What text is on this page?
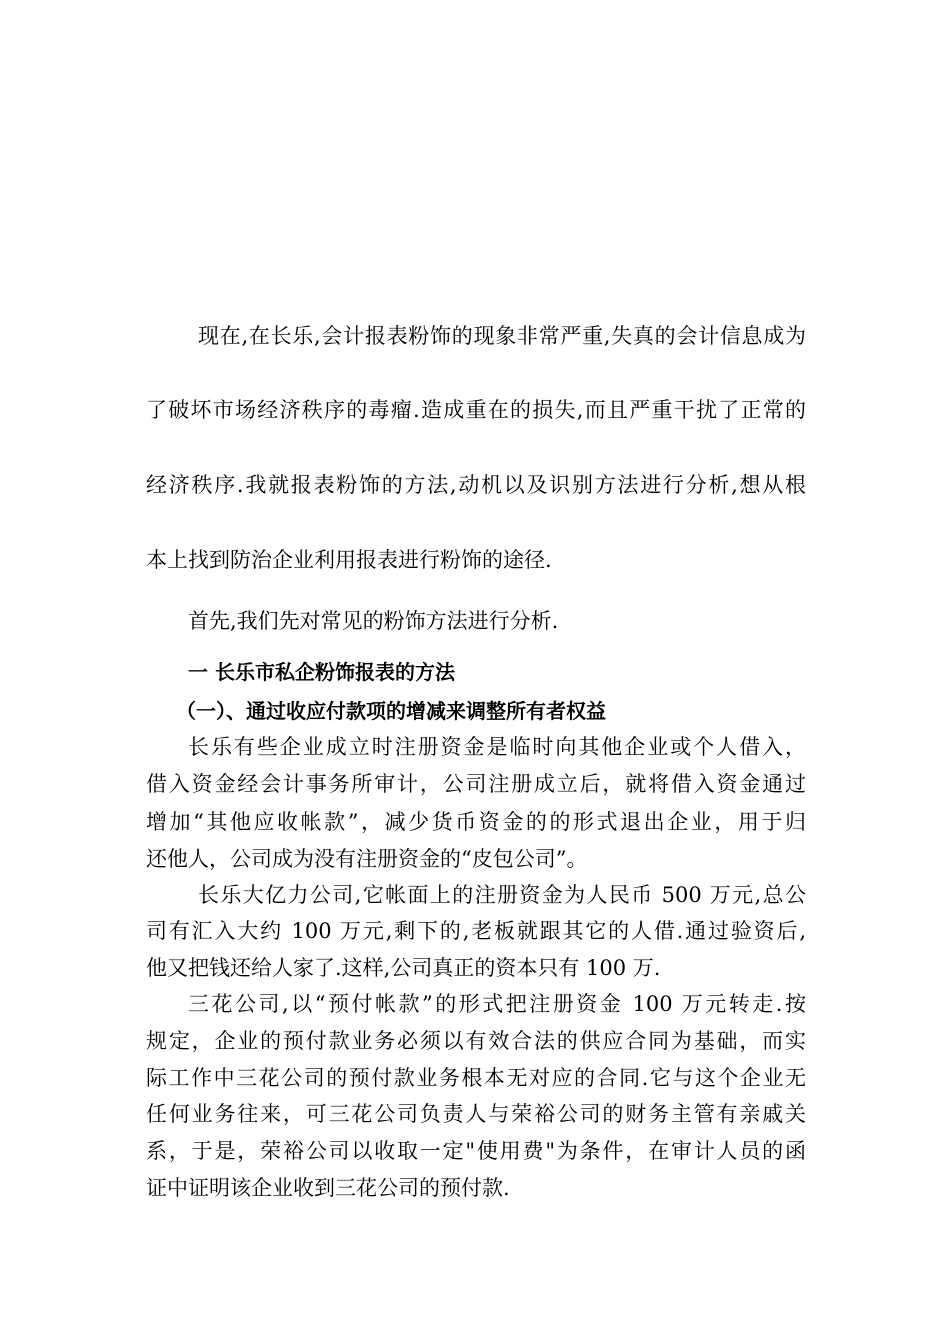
现在,在长乐,会计报表粉饰的现象非常严重,失真的会计信息成为
了破坏市场经济秩序的毒瘤.造成重在的损失,而且严重干扰了正常的
经济秩序.我就报表粉饰的方法,动机以及识别方法进行分析,想从根
本上找到防治企业利用报表进行粉饰的途径.
首先,我们先对常见的粉饰方法进行分析.
一 长乐市私企粉饰报表的方法
（一）、通过收应付款项的增减来调整所有者权益
长乐有些企业成立时注册资金是临时向其他企业或个人借入，
借入资金经会计事务所审计，公司注册成立后，就将借入资金通过
增加“其他应收帐款”，减少货币资金的的形式退出企业，用于归
还他人，公司成为没有注册资金的“皮包公司”。
长乐大亿力公司,它帐面上的注册资金为人民币 500 万元,总公
司有汇入大约 100 万元,剩下的,老板就跟其它的人借.通过验资后,
他又把钱还给人家了.这样,公司真正的资本只有 100 万.
三花公司,以“预付帐款”的形式把注册资金 100 万元转走.按
规定，企业的预付款业务必须以有效合法的供应合同为基础，而实
际工作中三花公司的预付款业务根本无对应的合同.它与这个企业无
任何业务往来，可三花公司负责人与荣裕公司的财务主管有亲戚关
系，于是，荣裕公司以收取一定"使用费"为条件，在审计人员的函
证中证明该企业收到三花公司的预付款.
